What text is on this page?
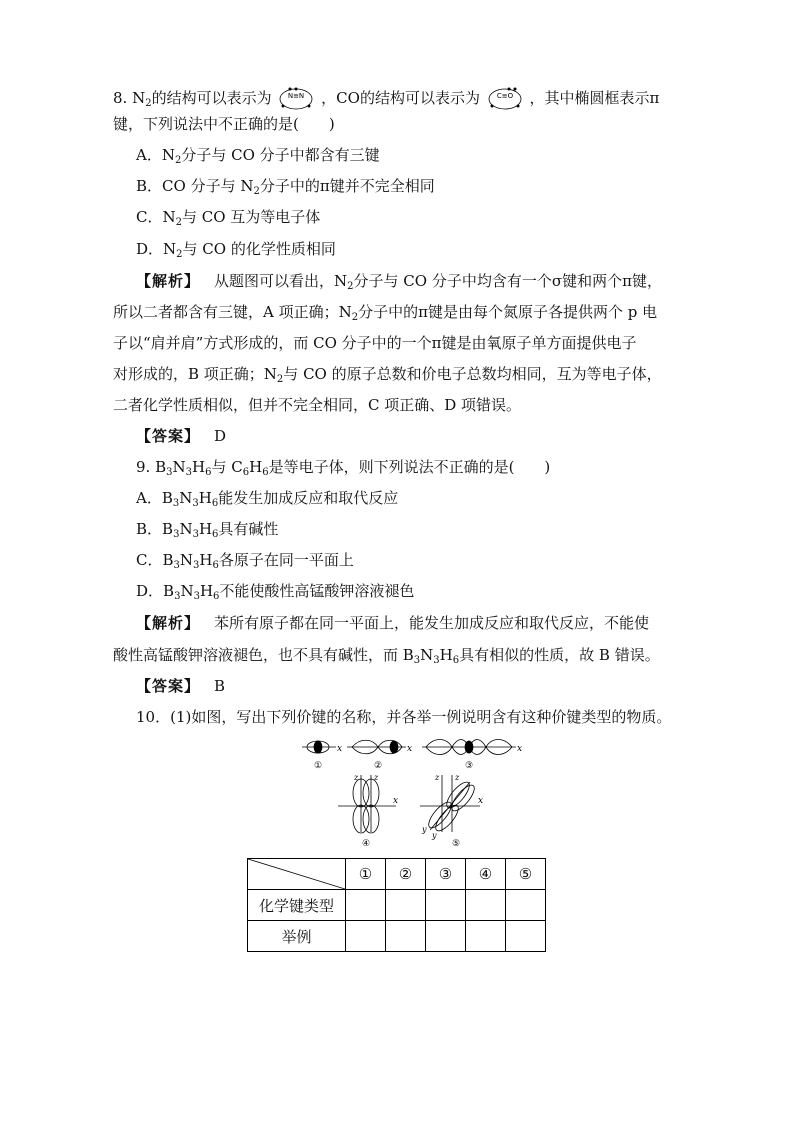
8. $N_2$的结构可以表示为 N≡N ，CO的结构可以表示为 C≡O ，其中椭圆框表示π
键，下列说法中不正确的是(　　)
A．$N_2$分子与 CO 分子中都含有三键
B．CO 分子与 $N_2$分子中的π键并不完全相同
C．$N_2$与 CO 互为等电子体
D．$N_2$与 CO 的化学性质相同
【解析】 从题图可以看出，$N_2$分子与 CO 分子中均含有一个σ键和两个π键，
所以二者都含有三键，A 项正确；$N_2$分子中的π键是由每个氮原子各提供两个 p 电
子以“肩并肩”方式形成的，而 CO 分子中的一个π键是由氧原子单方面提供电子
对形成的，B 项正确；$N_2$与 CO 的原子总数和价电子总数均相同，互为等电子体，
二者化学性质相似，但并不完全相同，C 项正确、D 项错误。
【答案】 D
9. $B_3N_3H_6$与 $C_6H_6$是等电子体，则下列说法不正确的是(　　)
A．$B_3N_3H_6$能发生加成反应和取代反应
B．$B_3N_3H_6$具有碱性
C．$B_3N_3H_6$各原子在同一平面上
D．$B_3N_3H_6$不能使酸性高锰酸钾溶液褪色
【解析】 苯所有原子都在同一平面上，能发生加成反应和取代反应，不能使
酸性高锰酸钾溶液褪色，也不具有碱性，而 $B_3N_3H_6$具有相似的性质，故 B 错误。
【答案】 B
10．(1)如图，写出下列价键的名称，并各举一例说明含有这种价键类型的物质。
x
①
x
②
x
③
z z
x
④
z z
x
y
y
⑤
	①	②	③	④	⑤
化学键类型					
举例					
